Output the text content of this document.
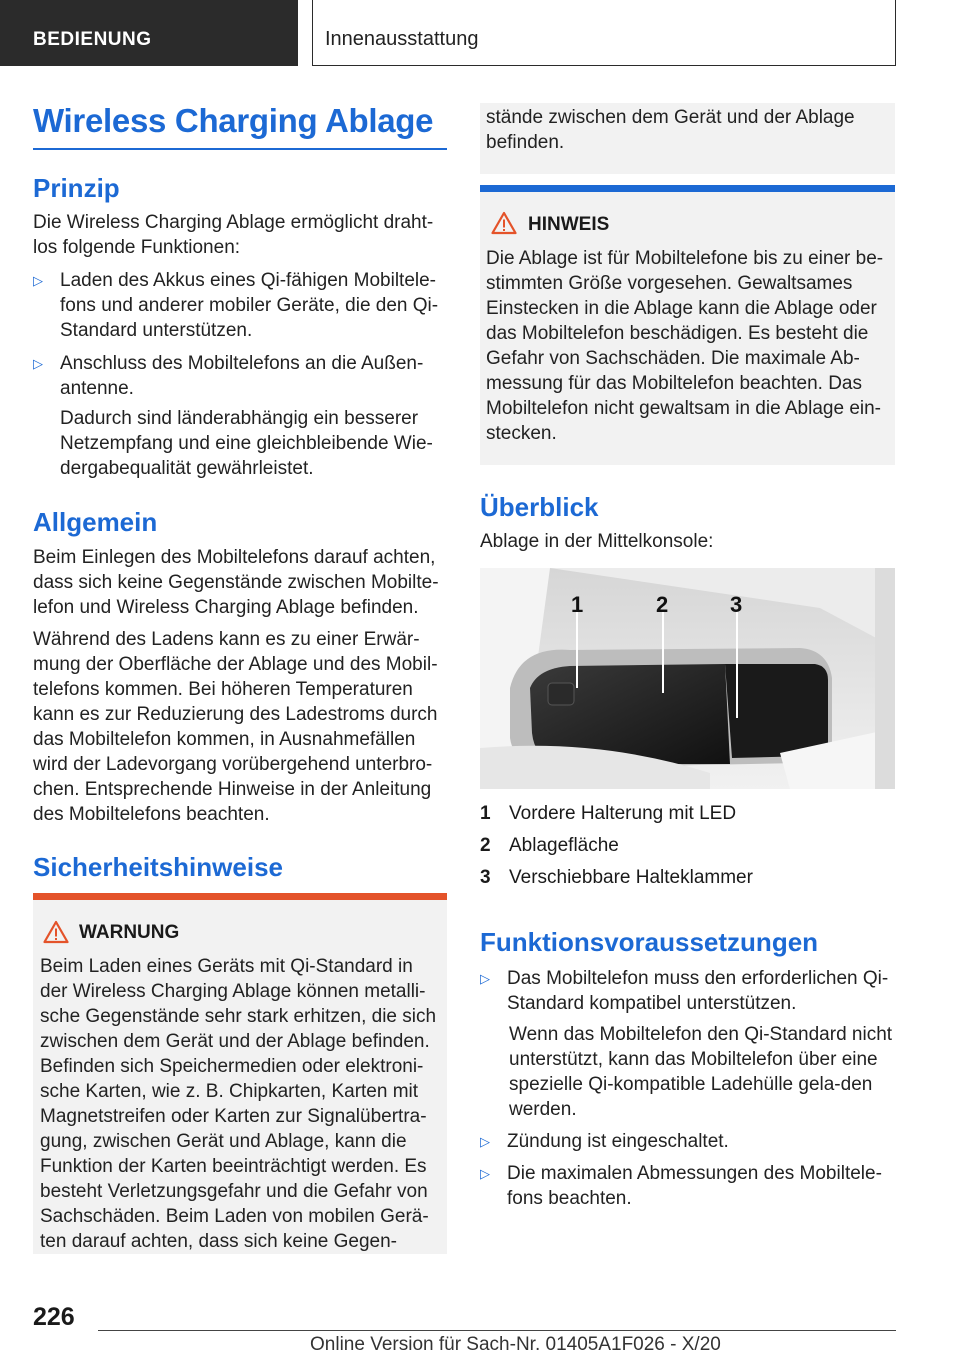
BEDIENUNG	Innenausstattung
Wireless Charging Ablage
Prinzip
Die Wireless Charging Ablage ermöglicht draht-los folgende Funktionen:
▷ Laden des Akkus eines Qi-fähigen Mobiltele-fons und anderer mobiler Geräte, die den Qi-Standard unterstützen.
▷ Anschluss des Mobiltelefons an die Außen-antenne.
Dadurch sind länderabhängig ein besserer Netzempfang und eine gleichbleibende Wie-dergabequalität gewährleistet.
Allgemein
Beim Einlegen des Mobiltelefons darauf achten, dass sich keine Gegenstände zwischen Mobilte-lefon und Wireless Charging Ablage befinden.
Während des Ladens kann es zu einer Erwär-mung der Oberfläche der Ablage und des Mobil-telefons kommen. Bei höheren Temperaturen kann es zur Reduzierung des Ladestroms durch das Mobiltelefon kommen, in Ausnahmefällen wird der Ladevorgang vorübergehend unterbro-chen. Entsprechende Hinweise in der Anleitung des Mobiltelefons beachten.
Sicherheitshinweise
WARNUNG
Beim Laden eines Geräts mit Qi-Standard in der Wireless Charging Ablage können metalli-sche Gegenstände sehr stark erhitzen, die sich zwischen dem Gerät und der Ablage befinden. Befinden sich Speichermedien oder elektroni-sche Karten, wie z. B. Chipkarten, Karten mit Magnetstreifen oder Karten zur Signalübertra-gung, zwischen Gerät und Ablage, kann die Funktion der Karten beeinträchtigt werden. Es besteht Verletzungsgefahr und die Gefahr von Sachschäden. Beim Laden von mobilen Gerä-ten darauf achten, dass sich keine Gegen-
stände zwischen dem Gerät und der Ablage befinden.
HINWEIS
Die Ablage ist für Mobiltelefone bis zu einer be-stimmten Größe vorgesehen. Gewaltsames Einstecken in die Ablage kann die Ablage oder das Mobiltelefon beschädigen. Es besteht die Gefahr von Sachschäden. Die maximale Ab-messung für das Mobiltelefon beachten. Das Mobiltelefon nicht gewaltsam in die Ablage ein-stecken.
Überblick
Ablage in der Mittelkonsole:
1	2	3
1 Vordere Halterung mit LED
2 Ablagefläche
3 Verschiebbare Halteklammer
Funktionsvoraussetzungen
▷ Das Mobiltelefon muss den erforderlichen Qi-Standard kompatibel unterstützen.
Wenn das Mobiltelefon den Qi-Standard nicht unterstützt, kann das Mobiltelefon über eine spezielle Qi-kompatible Ladehülle gela-den werden.
▷ Zündung ist eingeschaltet.
▷ Die maximalen Abmessungen des Mobiltele-fons beachten.
226
Online Version für Sach-Nr. 01405A1F026 - X/20
